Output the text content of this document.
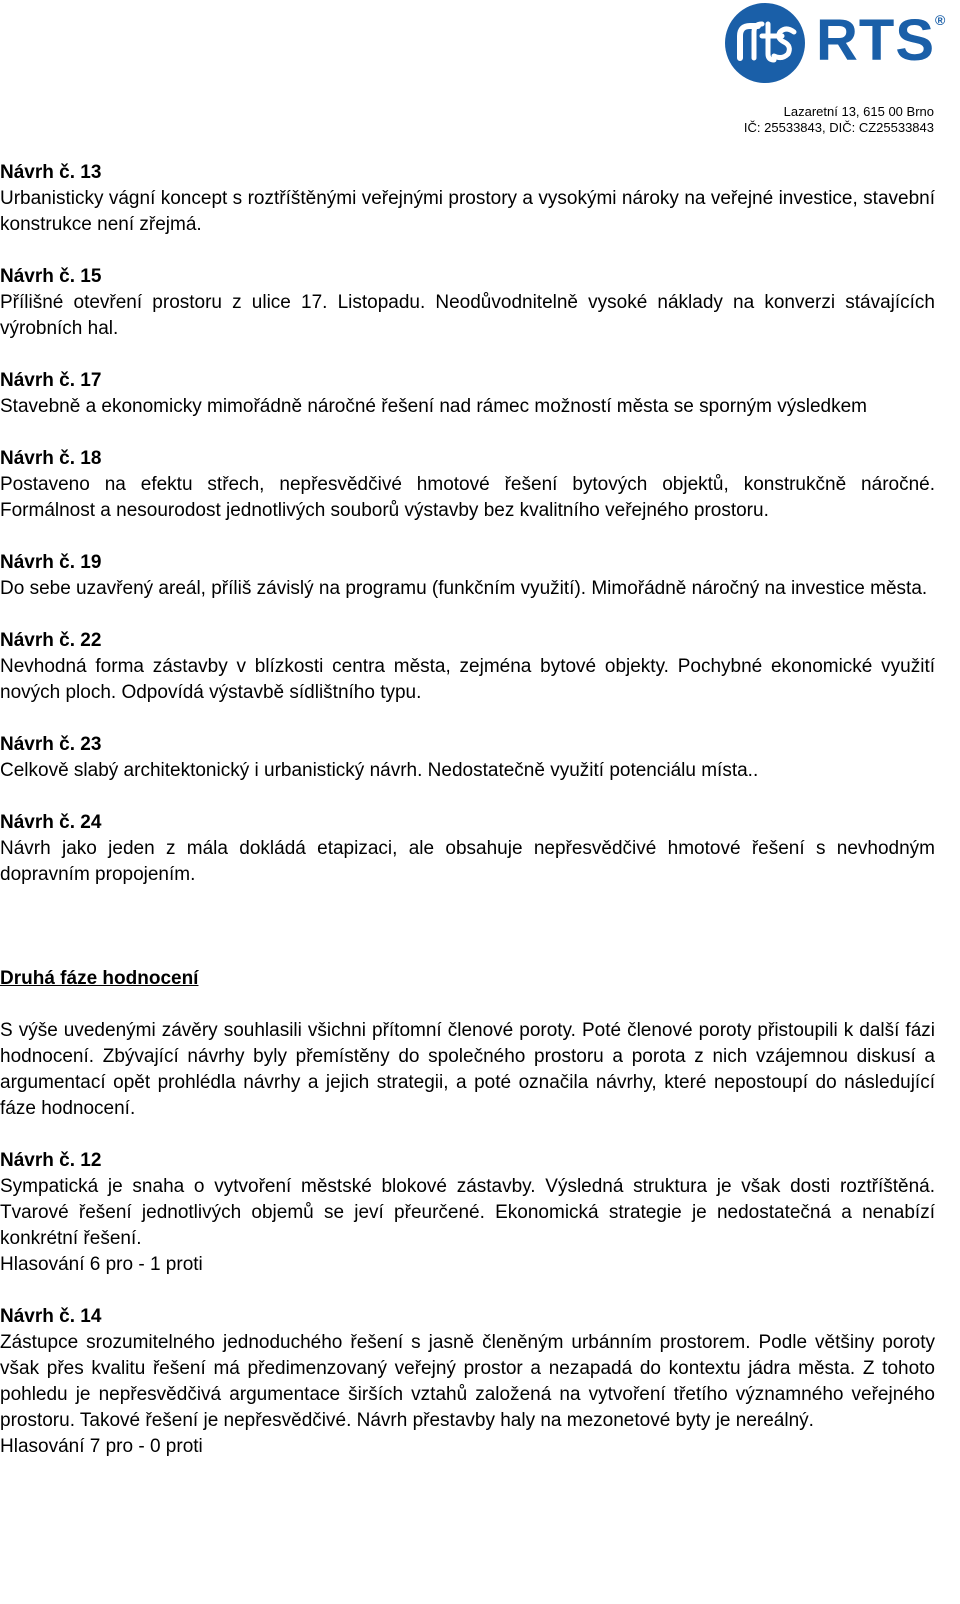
RTS®
Lazaretní 13, 615 00 Brno
IČ: 25533843, DIČ: CZ25533843
Návrh č. 13
Urbanisticky vágní koncept s roztříštěnými veřejnými prostory a vysokými nároky na veřejné investice, stavební konstrukce není zřejmá.
Návrh č. 15
Přílišné otevření prostoru z ulice 17. Listopadu. Neodůvodnitelně vysoké náklady na konverzi stávajících výrobních hal.
Návrh č. 17
Stavebně a ekonomicky mimořádně náročné řešení nad rámec možností města se sporným výsledkem
Návrh č. 18
Postaveno na efektu střech, nepřesvědčivé hmotové řešení bytových objektů, konstrukčně náročné. Formálnost a nesourodost jednotlivých souborů výstavby bez kvalitního veřejného prostoru.
Návrh č. 19
Do sebe uzavřený areál, příliš závislý na programu (funkčním využití). Mimořádně náročný na investice města.
Návrh č. 22
Nevhodná forma zástavby v blízkosti centra města, zejména bytové objekty. Pochybné ekonomické využití nových ploch. Odpovídá výstavbě sídlištního typu.
Návrh č. 23
Celkově slabý architektonický i urbanistický návrh. Nedostatečně využití potenciálu místa..
Návrh č. 24
Návrh jako jeden z mála dokládá etapizaci, ale obsahuje nepřesvědčivé hmotové řešení s nevhodným dopravním propojením.
Druhá fáze hodnocení
S výše uvedenými závěry souhlasili všichni přítomní členové poroty. Poté členové poroty přistoupili k další fázi hodnocení. Zbývající návrhy byly přemístěny do společného prostoru a porota z nich vzájemnou diskusí a argumentací opět prohlédla návrhy a jejich strategii, a poté označila návrhy, které nepostoupí do následující fáze hodnocení.
Návrh č. 12
Sympatická je snaha o vytvoření městské blokové zástavby. Výsledná struktura je však dosti roztříštěná. Tvarové řešení jednotlivých objemů se jeví přeurčené. Ekonomická strategie je nedostatečná a nenabízí konkrétní řešení.
Hlasování 6 pro - 1 proti
Návrh č. 14
Zástupce srozumitelného jednoduchého řešení s jasně členěným urbánním prostorem. Podle většiny poroty však přes kvalitu řešení má předimenzovaný veřejný prostor a nezapadá do kontextu jádra města. Z tohoto pohledu je nepřesvědčivá argumentace širších vztahů založená na vytvoření třetího významného veřejného prostoru. Takové řešení je nepřesvědčivé. Návrh přestavby haly na mezonetové byty je nereálný.
Hlasování 7 pro - 0 proti
